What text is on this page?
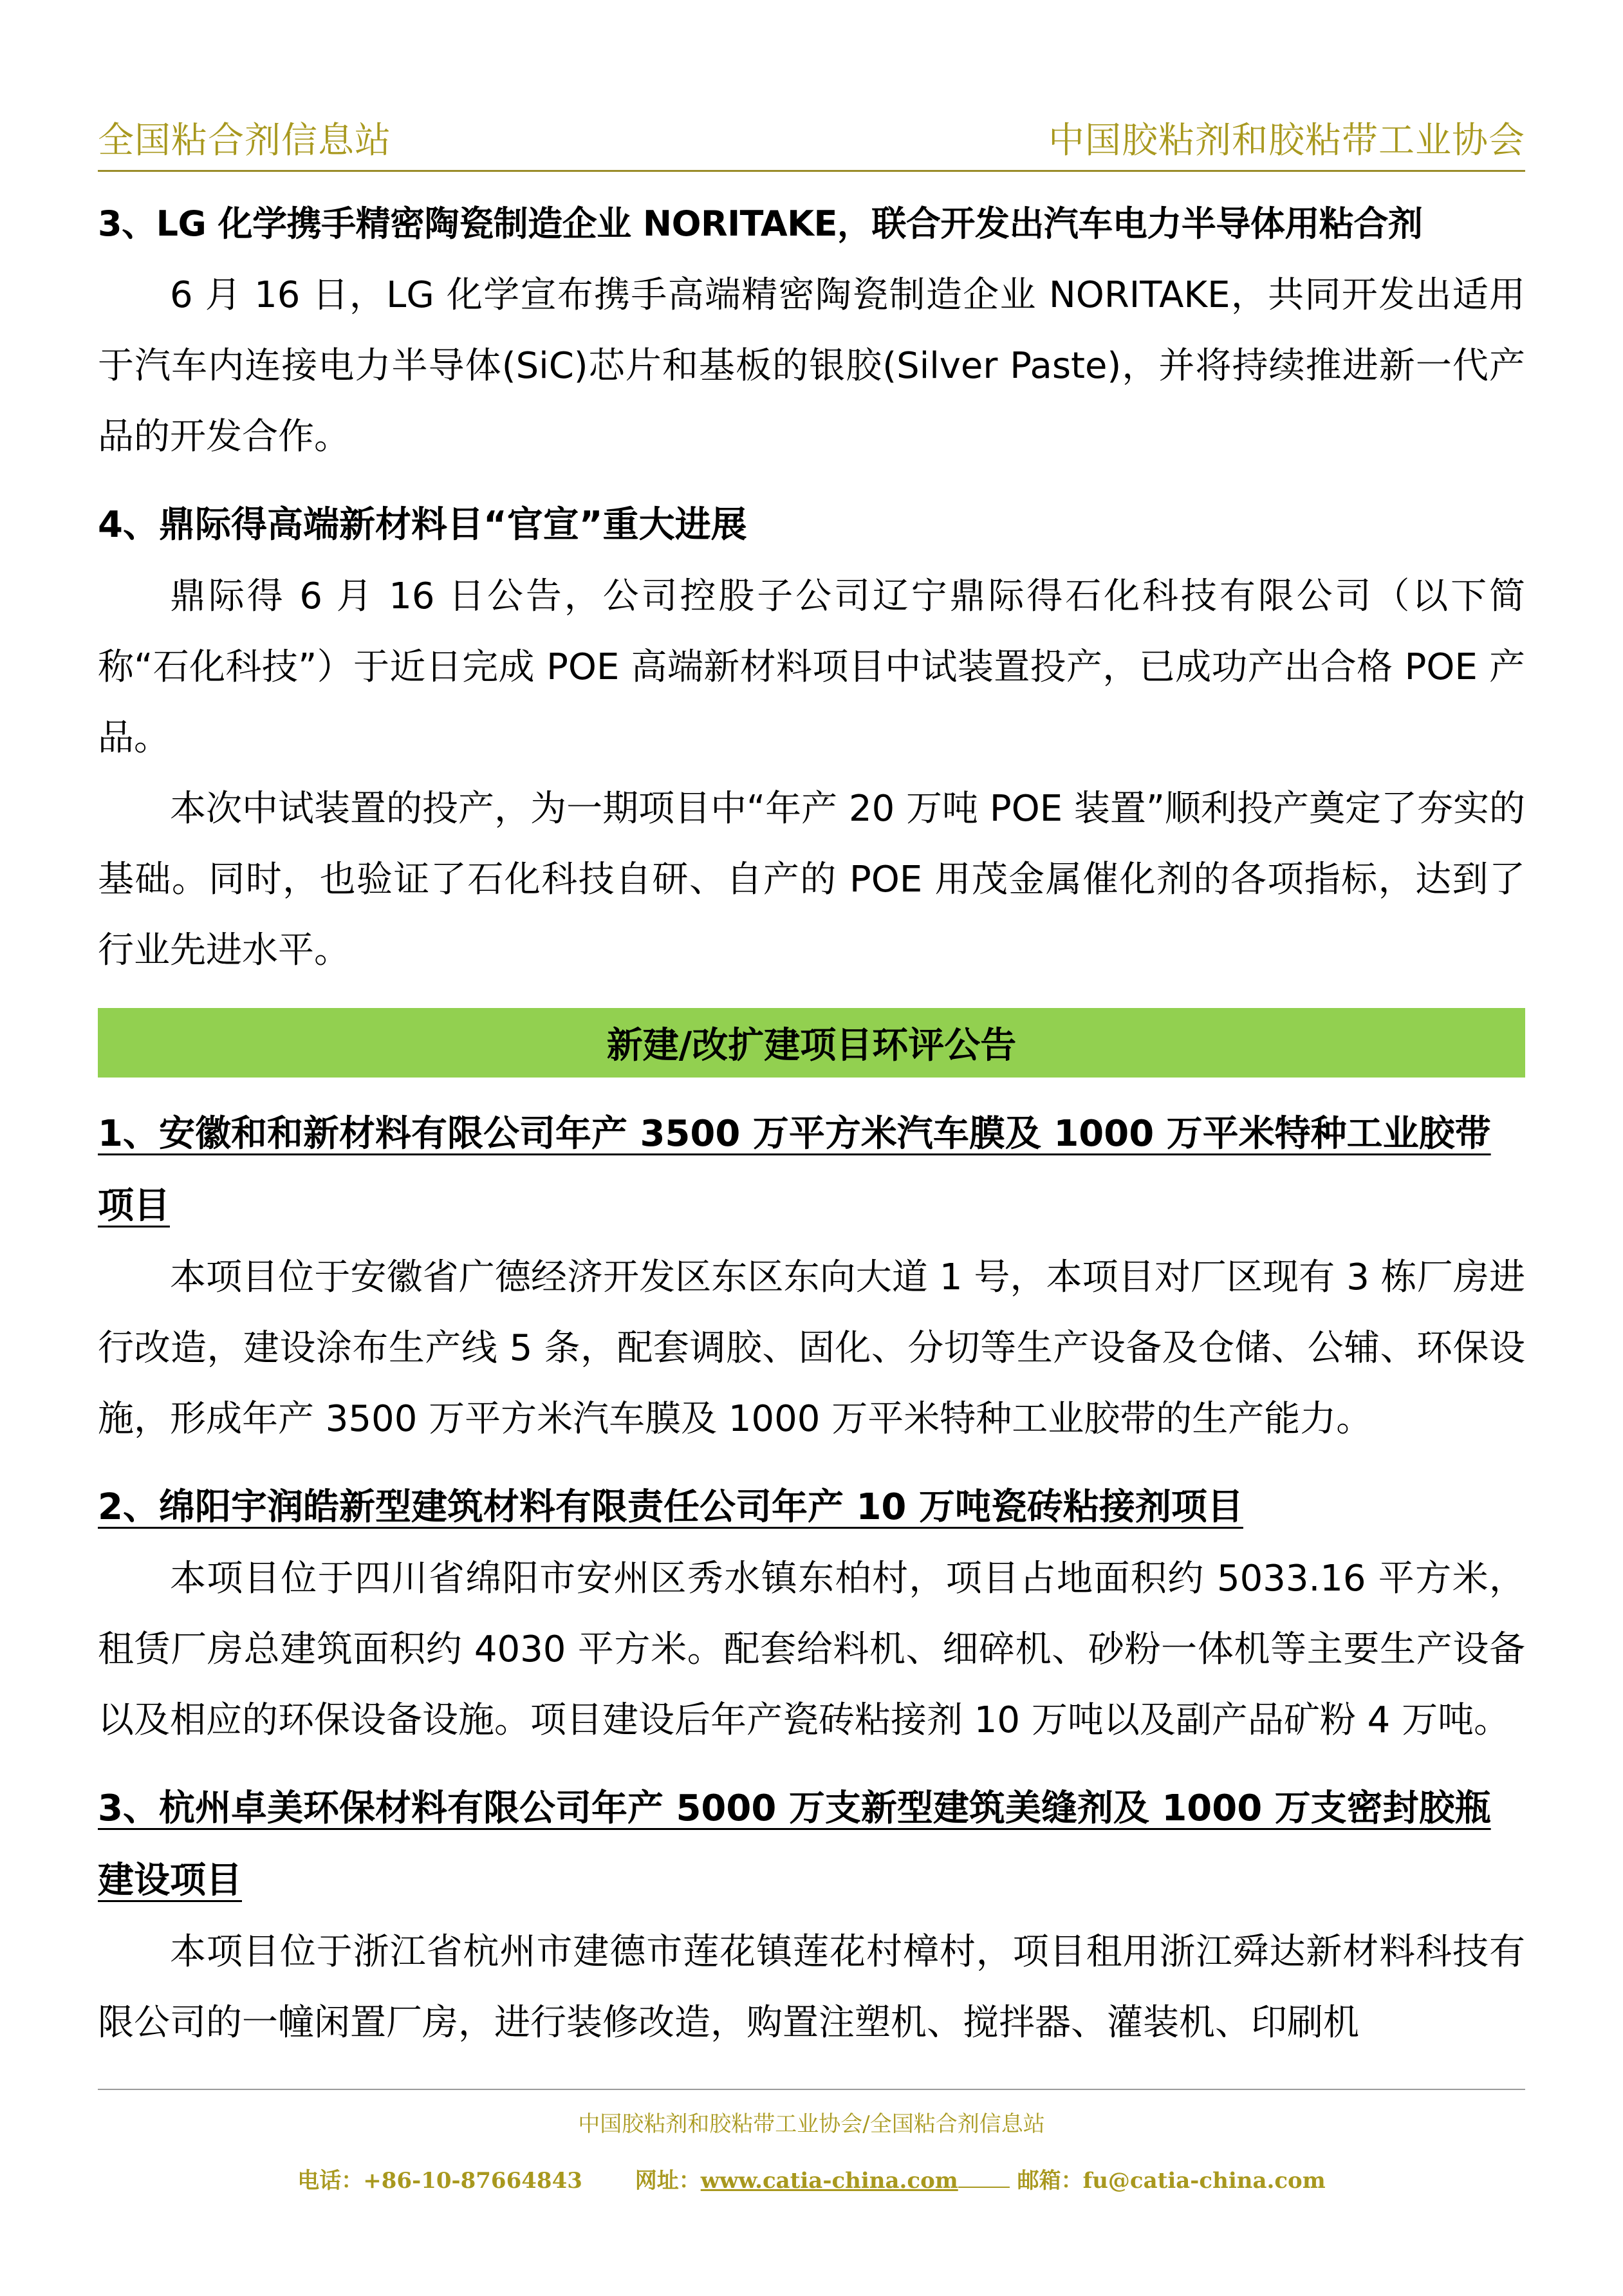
全国粘合剂信息站	中国胶粘剂和胶粘带工业协会

3、LG 化学携手精密陶瓷制造企业 NORITAKE，联合开发出汽车电力半导体用粘合剂

6 月 16 日，LG 化学宣布携手高端精密陶瓷制造企业 NORITAKE，共同开发出适用于汽车内连接电力半导体(SiC)芯片和基板的银胶(Silver Paste)，并将持续推进新一代产品的开发合作。

4、鼎际得高端新材料目“官宣”重大进展

鼎际得 6 月 16 日公告，公司控股子公司辽宁鼎际得石化科技有限公司（以下简称“石化科技”）于近日完成 POE 高端新材料项目中试装置投产，已成功产出合格 POE 产品。

本次中试装置的投产，为一期项目中“年产 20 万吨 POE 装置”顺利投产奠定了夯实的基础。同时，也验证了石化科技自研、自产的 POE 用茂金属催化剂的各项指标，达到了行业先进水平。

新建/改扩建项目环评公告

1、安徽和和新材料有限公司年产 3500 万平方米汽车膜及 1000 万平米特种工业胶带项目

本项目位于安徽省广德经济开发区东区东向大道 1 号，本项目对厂区现有 3 栋厂房进行改造，建设涂布生产线 5 条，配套调胶、固化、分切等生产设备及仓储、公辅、环保设施，形成年产 3500 万平方米汽车膜及 1000 万平米特种工业胶带的生产能力。

2、绵阳宇润皓新型建筑材料有限责任公司年产 10 万吨瓷砖粘接剂项目

本项目位于四川省绵阳市安州区秀水镇东柏村，项目占地面积约 5033.16 平方米，租赁厂房总建筑面积约 4030 平方米。配套给料机、细碎机、砂粉一体机等主要生产设备以及相应的环保设备设施。项目建设后年产瓷砖粘接剂 10 万吨以及副产品矿粉 4 万吨。

3、杭州卓美环保材料有限公司年产 5000 万支新型建筑美缝剂及 1000 万支密封胶瓶建设项目

本项目位于浙江省杭州市建德市莲花镇莲花村樟村，项目租用浙江舜达新材料科技有限公司的一幢闲置厂房，进行装修改造，购置注塑机、搅拌器、灌装机、印刷机

中国胶粘剂和胶粘带工业协会/全国粘合剂信息站
电话：+86-10-87664843 网址：www.catia-china.com	邮箱：fu@catia-china.com
